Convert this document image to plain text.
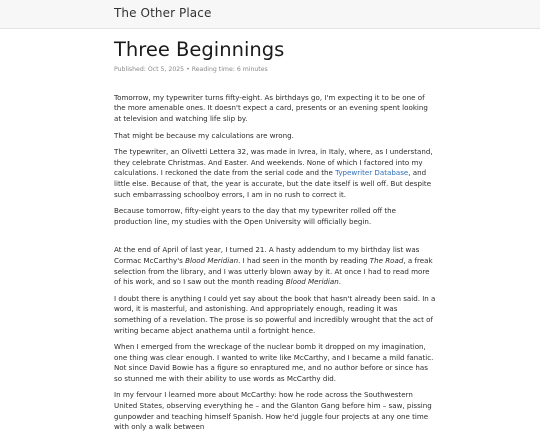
The Other Place
Three Beginnings
Published: Oct 5, 2025 • Reading time: 6 minutes

Tomorrow, my typewriter turns fifty-eight. As birthdays go, I'm expecting it to be one of the more amenable ones. It doesn't expect a card, presents or an evening spent looking at television and watching life slip by.

That might be because my calculations are wrong.

The typewriter, an Olivetti Lettera 32, was made in Ivrea, in Italy, where, as I understand, they celebrate Christmas. And Easter. And weekends. None of which I factored into my calculations. I reckoned the date from the serial code and the Typewriter Database, and little else. Because of that, the year is accurate, but the date itself is well off. But despite such embarrassing schoolboy errors, I am in no rush to correct it.

Because tomorrow, fifty-eight years to the day that my typewriter rolled off the production line, my studies with the Open University will officially begin.

At the end of April of last year, I turned 21. A hasty addendum to my birthday list was Cormac McCarthy's Blood Meridian. I had seen in the month by reading The Road, a freak selection from the library, and I was utterly blown away by it. At once I had to read more of his work, and so I saw out the month reading Blood Meridian.

I doubt there is anything I could yet say about the book that hasn't already been said. In a word, it is masterful, and astonishing. And appropriately enough, reading it was something of a revelation. The prose is so powerful and incredibly wrought that the act of writing became abject anathema until a fortnight hence.

When I emerged from the wreckage of the nuclear bomb it dropped on my imagination, one thing was clear enough. I wanted to write like McCarthy, and I became a mild fanatic. Not since David Bowie has a figure so enraptured me, and no author before or since has so stunned me with their ability to use words as McCarthy did.

In my fervour I learned more about McCarthy: how he rode across the Southwestern United States, observing everything he – and the Glanton Gang before him – saw, pissing gunpowder and teaching himself Spanish. How he'd juggle four projects at any one time with only a walk between
